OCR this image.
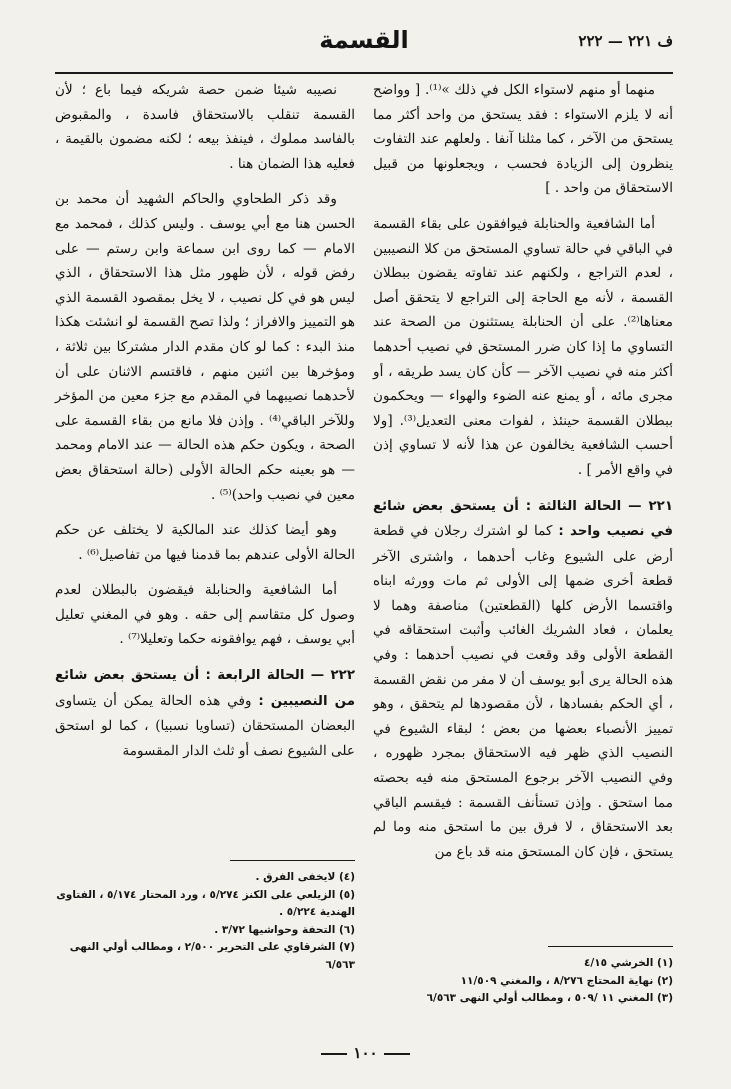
ف ٢٢١ — ٢٢٢
القسمة

منهما أو منهم لاستواء الكل في ذلك »⁽¹⁾. [ وواضح أنه لا يلزم الاستواء : فقد يستحق من واحد أكثر مما يستحق من الآخر ، كما مثلنا آنفا . ولعلهم عند التفاوت ينظرون إلى الزيادة فحسب ، ويجعلونها من قبيل الاستحقاق من واحد . ]

أما الشافعية والحنابلة فيوافقون على بقاء القسمة في الباقي في حالة تساوي المستحق من كلا النصيبين ، لعدم التراجع ، ولكنهم عند تفاوته يقضون ببطلان القسمة ، لأنه مع الحاجة إلى التراجع لا يتحقق أصل معناها⁽²⁾. على أن الحنابلة يستثنون من الصحة عند التساوي ما إذا كان ضرر المستحق في نصيب أحدهما أكثر منه في نصيب الآخر — كأن كان يسد طريقه ، أو مجرى مائه ، أو يمنع عنه الضوء والهواء — ويحكمون ببطلان القسمة حينئذ ، لفوات معنى التعديل⁽³⁾. [ولا أحسب الشافعية يخالفون عن هذا لأنه لا تساوي إذن في واقع الأمر ] .

٢٢١ — الحالة الثالثة : أن يستحق بعض شائع في نصيب واحد : كما لو اشترك رجلان في قطعة أرض على الشيوع وغاب أحدهما ، واشترى الآخر قطعة أخرى ضمها إلى الأولى ثم مات وورثه ابناه واقتسما الأرض كلها (القطعتين) مناصفة وهما لا يعلمان ، فعاد الشريك الغائب وأثبت استحقاقه في القطعة الأولى وقد وقعت في نصيب أحدهما : وفي هذه الحالة يرى أبو يوسف أن لا مفر من نقض القسمة ، أي الحكم بفسادها ، لأن مقصودها لم يتحقق ، وهو تمييز الأنصباء بعضها من بعض ؛ لبقاء الشيوع في النصيب الذي ظهر فيه الاستحقاق بمجرد ظهوره ، وفي النصيب الآخر برجوع المستحق منه فيه بحصته مما استحق . وإذن تستأنف القسمة : فيقسم الباقي بعد الاستحقاق ، لا فرق بين ما استحق منه وما لم يستحق ، فإن كان المستحق منه قد باع من

نصيبه شيئا ضمن حصة شريكه فيما باع ؛ لأن القسمة تنقلب بالاستحقاق فاسدة ، والمقبوض بالفاسد مملوك ، فينفذ بيعه ؛ لكنه مضمون بالقيمة ، فعليه هذا الضمان هنا .

وقد ذكر الطحاوي والحاكم الشهيد أن محمد بن الحسن هنا مع أبي يوسف . وليس كذلك ، فمحمد مع الامام — كما روى ابن سماعة وابن رستم — على رفض قوله ، لأن ظهور مثل هذا الاستحقاق ، الذي ليس هو في كل نصيب ، لا يخل بمقصود القسمة الذي هو التمييز والافراز ؛ ولذا تصح القسمة لو انشئت هكذا منذ البدء : كما لو كان مقدم الدار مشتركا بين ثلاثة ، ومؤخرها بين اثنين منهم ، فاقتسم الاثنان على أن لأحدهما نصيبهما في المقدم مع جزء معين من المؤخر وللآخر الباقي⁽⁴⁾ . وإذن فلا مانع من بقاء القسمة على الصحة ، ويكون حكم هذه الحالة — عند الامام ومحمد — هو بعينه حكم الحالة الأولى (حالة استحقاق بعض معين في نصيب واحد)⁽⁵⁾ .

وهو أيضا كذلك عند المالكية لا يختلف عن حكم الحالة الأولى عندهم بما قدمنا فيها من تفاصيل⁽⁶⁾ .

أما الشافعية والحنابلة فيقضون بالبطلان لعدم وصول كل متقاسم إلى حقه . وهو في المغني تعليل أبي يوسف ، فهم يوافقونه حكما وتعليلا⁽⁷⁾ .

٢٢٢ — الحالة الرابعة : أن يستحق بعض شائع من النصيبين : وفي هذه الحالة يمكن أن يتساوى البعضان المستحقان (تساويا نسبيا) ، كما لو استحق على الشيوع نصف أو ثلث الدار المقسومة

(٤) لايخفى الفرق .
(٥) الزيلعي على الكنز ٥/٢٧٤ ، ورد المحتار ٥/١٧٤ ، الفتاوى الهندية ٥/٢٢٤ .
(٦) التحفة وحواشيها ٣/٧٢ .
(٧) الشرقاوي على التحرير ٢/٥٠٠ ، ومطالب أولي النهى ٦/٥٦٣	(١) الخرشي ٤/١٥
(٢) نهاية المحتاج ٨/٢٧٦ ، والمغني ١١/٥٠٩
(٣) المغني ١١ /٥٠٩ ، ومطالب أولي النهى ٦/٥٦٣
١٠٠
